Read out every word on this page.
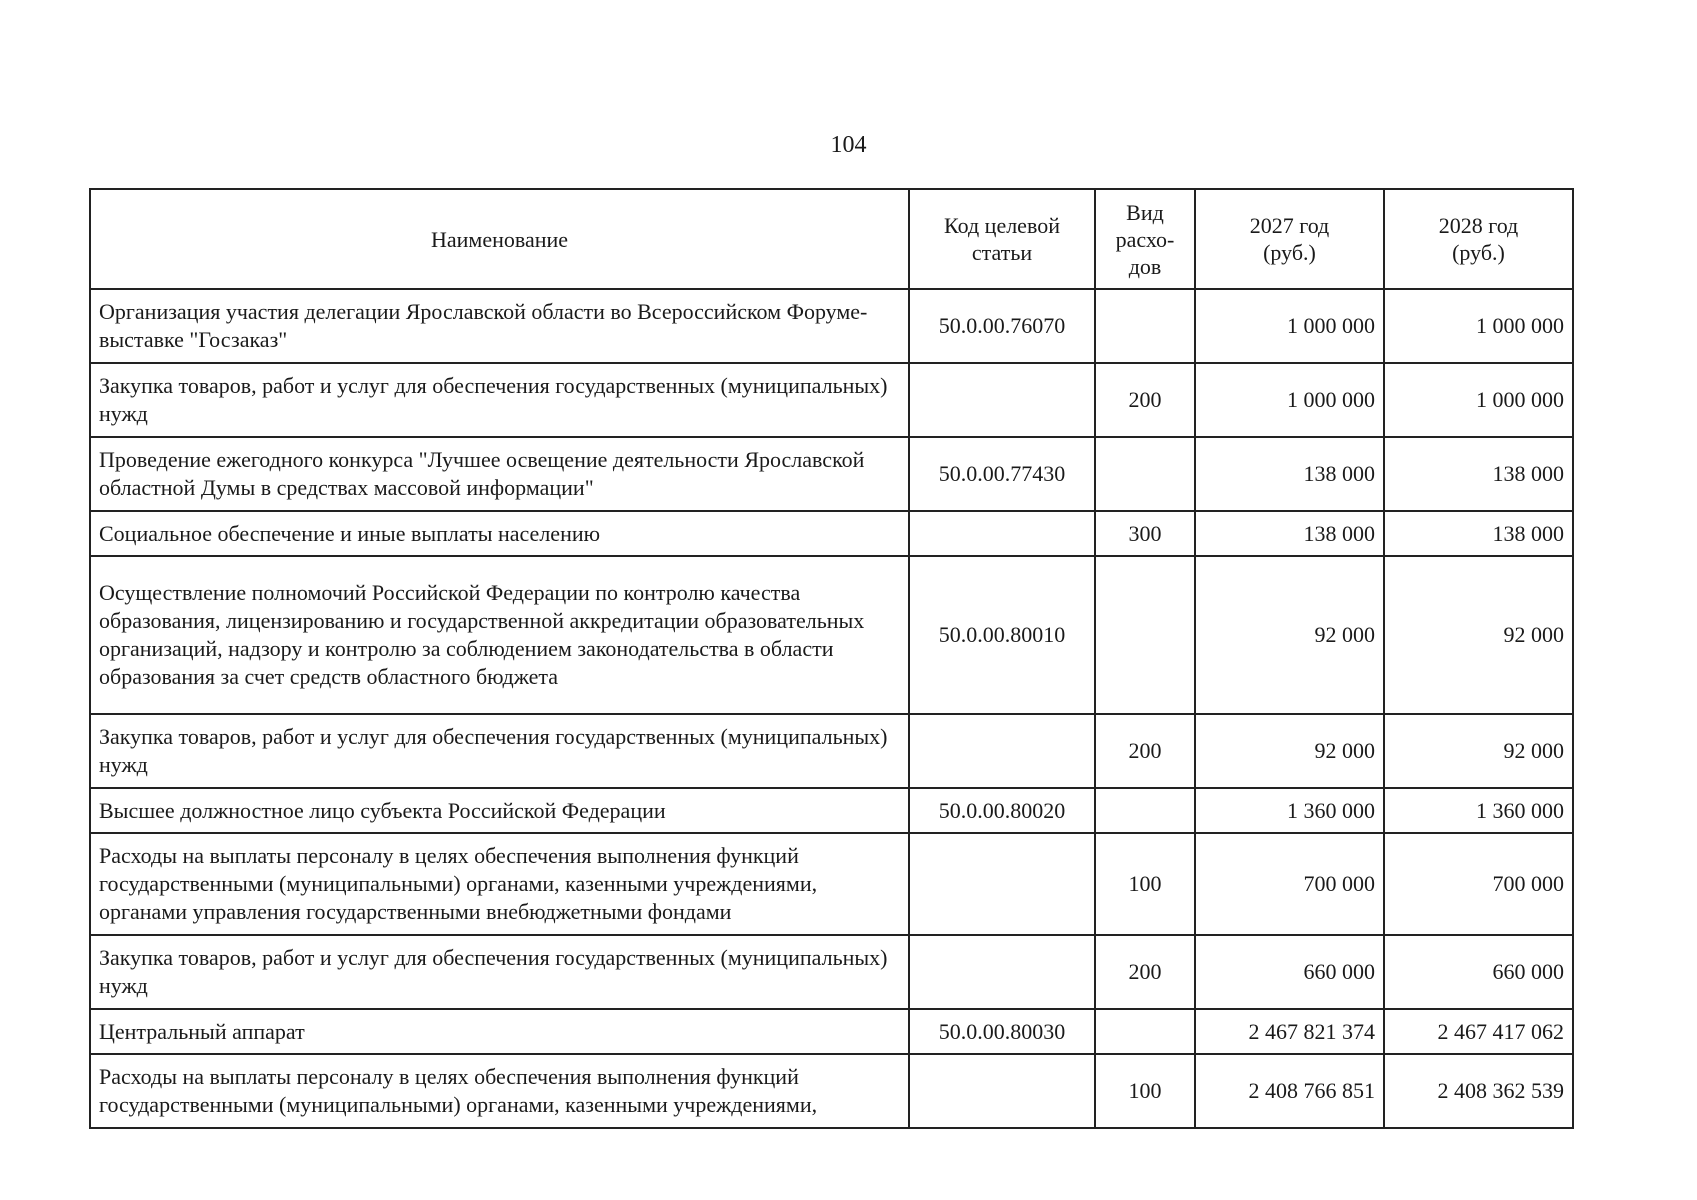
104
Наименование	Код целевой статьи	Вид расхо-дов	2027 год (руб.)	2028 год (руб.)

Организация участия делегации Ярославской области во Всероссийском Форуме-выставке "Госзаказ"	50.0.00.76070		1 000 000	1 000 000
Закупка товаров, работ и услуг для обеспечения государственных (муниципальных) нужд		200	1 000 000	1 000 000
Проведение ежегодного конкурса "Лучшее освещение деятельности Ярославской областной Думы в средствах массовой информации"	50.0.00.77430		138 000	138 000
Социальное обеспечение и иные выплаты населению		300	138 000	138 000
Осуществление полномочий Российской Федерации по контролю качества образования, лицензированию и государственной аккредитации образовательных организаций, надзору и контролю за соблюдением законодательства в области образования за счет средств областного бюджета	50.0.00.80010		92 000	92 000
Закупка товаров, работ и услуг для обеспечения государственных (муниципальных) нужд		200	92 000	92 000
Высшее должностное лицо субъекта Российской Федерации	50.0.00.80020		1 360 000	1 360 000
Расходы на выплаты персоналу в целях обеспечения выполнения функций государственными (муниципальными) органами, казенными учреждениями, органами управления государственными внебюджетными фондами		100	700 000	700 000
Закупка товаров, работ и услуг для обеспечения государственных (муниципальных) нужд		200	660 000	660 000
Центральный аппарат	50.0.00.80030		2 467 821 374	2 467 417 062
Расходы на выплаты персоналу в целях обеспечения выполнения функций государственными (муниципальными) органами, казенными учреждениями,		100	2 408 766 851	2 408 362 539
